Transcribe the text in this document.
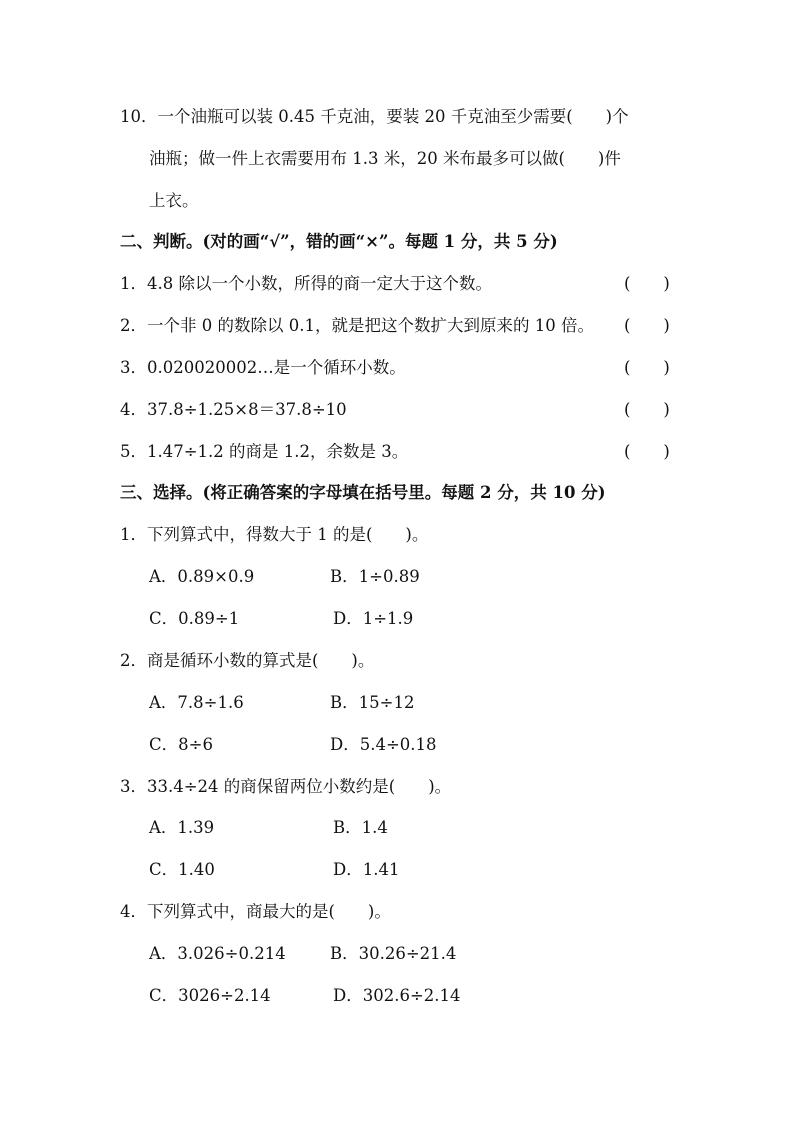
10．一个油瓶可以装 0.45 千克油，要装 20 千克油至少需要(　　)个
油瓶；做一件上衣需要用布 1.3 米，20 米布最多可以做(　　)件
上衣。
二、判断。(对的画“√”，错的画“×”。每题 1 分，共 5 分)
1．4.8 除以一个小数，所得的商一定大于这个数。	(　　)
2．一个非 0 的数除以 0.1，就是把这个数扩大到原来的 10 倍。 (　　)
3．0.020020002…是一个循环小数。	(　　)
4．37.8÷1.25×8＝37.8÷10	(　　)
5．1.47÷1.2 的商是 1.2，余数是 3。	(　　)
三、选择。(将正确答案的字母填在括号里。每题 2 分，共 10 分)
1．下列算式中，得数大于 1 的是(　　)。
A．0.89×0.9	B．1÷0.89
C．0.89÷1	D．1÷1.9
2．商是循环小数的算式是(　　)。
A．7.8÷1.6	B．15÷12
C．8÷6	D．5.4÷0.18
3．33.4÷24 的商保留两位小数约是(　　)。
A．1.39	B．1.4
C．1.40	D．1.41
4．下列算式中，商最大的是(　　)。
A．3.026÷0.214	B．30.26÷21.4
C．3026÷2.14	D．302.6÷2.14
